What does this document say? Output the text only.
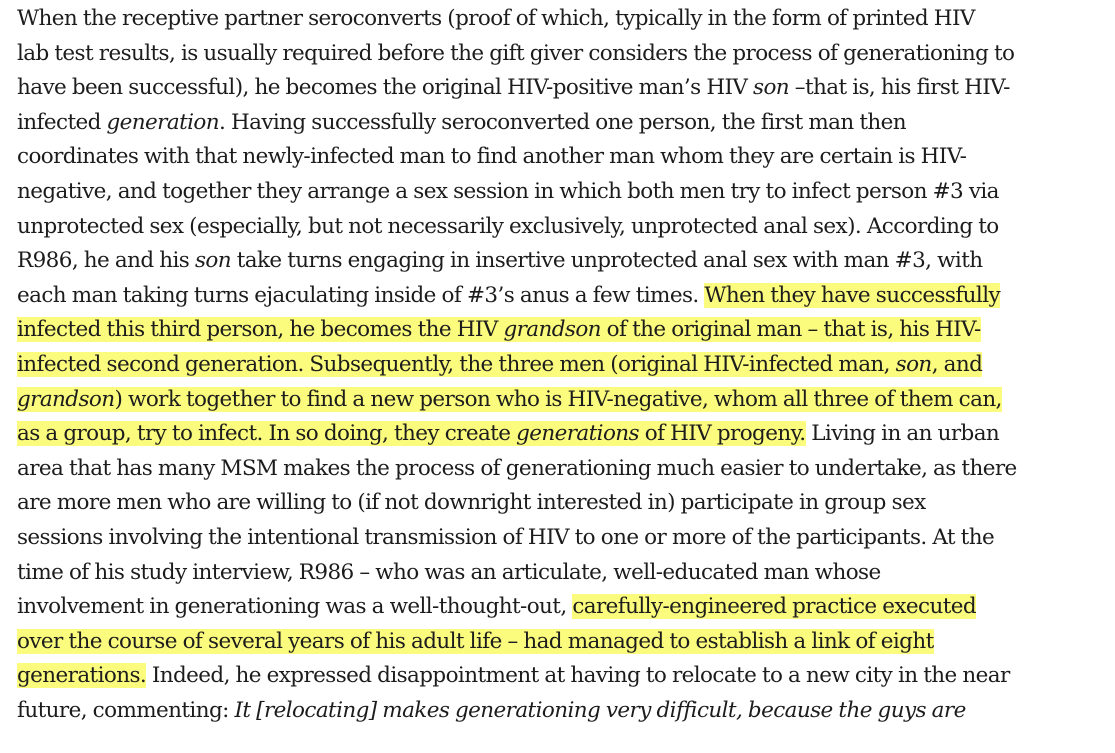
When the receptive partner seroconverts (proof of which, typically in the form of printed HIV
lab test results, is usually required before the gift giver considers the process of generationing to
have been successful), he becomes the original HIV-positive man’s HIV son –that is, his first HIV-
infected generation. Having successfully seroconverted one person, the first man then
coordinates with that newly-infected man to find another man whom they are certain is HIV-
negative, and together they arrange a sex session in which both men try to infect person #3 via
unprotected sex (especially, but not necessarily exclusively, unprotected anal sex). According to
R986, he and his son take turns engaging in insertive unprotected anal sex with man #3, with
each man taking turns ejaculating inside of #3’s anus a few times. When they have successfully
infected this third person, he becomes the HIV grandson of the original man – that is, his HIV-
infected second generation. Subsequently, the three men (original HIV-infected man, son, and
grandson) work together to find a new person who is HIV-negative, whom all three of them can,
as a group, try to infect. In so doing, they create generations of HIV progeny. Living in an urban
area that has many MSM makes the process of generationing much easier to undertake, as there
are more men who are willing to (if not downright interested in) participate in group sex
sessions involving the intentional transmission of HIV to one or more of the participants. At the
time of his study interview, R986 – who was an articulate, well-educated man whose
involvement in generationing was a well-thought-out, carefully-engineered practice executed
over the course of several years of his adult life – had managed to establish a link of eight
generations. Indeed, he expressed disappointment at having to relocate to a new city in the near
future, commenting: It [relocating] makes generationing very difficult, because the guys are
